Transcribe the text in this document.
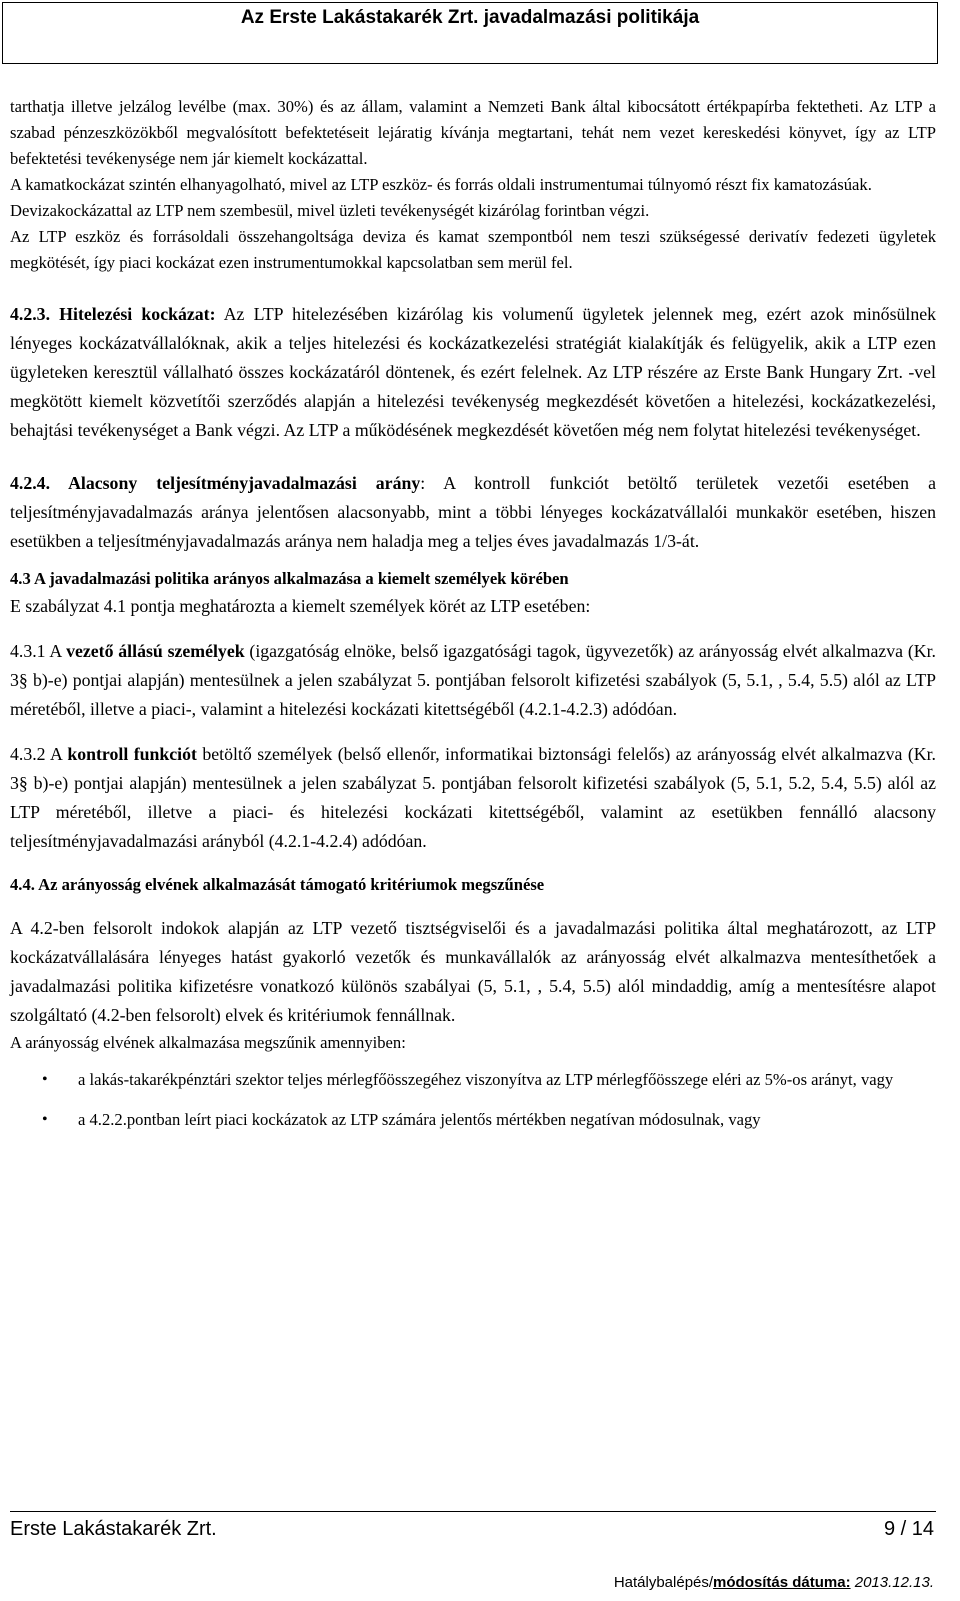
Az Erste Lakástakarék Zrt. javadalmazási politikája

tarthatja illetve jelzálog levélbe (max. 30%) és az állam, valamint a Nemzeti Bank által kibocsátott értékpapírba fektetheti. Az LTP a szabad pénzeszközökből megvalósított befektetéseit lejáratig kívánja megtartani, tehát nem vezet kereskedési könyvet, így az LTP befektetési tevékenysége nem jár kiemelt kockázattal.

A kamatkockázat szintén elhanyagolható, mivel az LTP eszköz- és forrás oldali instrumentumai túlnyomó részt fix kamatozásúak.

Devizakockázattal az LTP nem szembesül, mivel üzleti tevékenységét kizárólag forintban végzi.

Az LTP eszköz és forrásoldali összehangoltsága deviza és kamat szempontból nem teszi szükségessé derivatív fedezeti ügyletek megkötését, így piaci kockázat ezen instrumentumokkal kapcsolatban sem merül fel.

4.2.3. Hitelezési kockázat: Az LTP hitelezésében kizárólag kis volumenű ügyletek jelennek meg, ezért azok minősülnek lényeges kockázatvállalóknak, akik a teljes hitelezési és kockázatkezelési stratégiát kialakítják és felügyelik, akik a LTP ezen ügyleteken keresztül vállalható összes kockázatáról döntenek, és ezért felelnek. Az LTP részére az Erste Bank Hungary Zrt. -vel megkötött kiemelt közvetítői szerződés alapján a hitelezési tevékenység megkezdését követően a hitelezési, kockázatkezelési, behajtási tevékenységet a Bank végzi. Az LTP a működésének megkezdését követően még nem folytat hitelezési tevékenységet.

4.2.4. Alacsony teljesítményjavadalmazási arány: A kontroll funkciót betöltő területek vezetői esetében a teljesítményjavadalmazás aránya jelentősen alacsonyabb, mint a többi lényeges kockázatvállalói munkakör esetében, hiszen esetükben a teljesítményjavadalmazás aránya nem haladja meg a teljes éves javadalmazás 1/3-át.

4.3 A javadalmazási politika arányos alkalmazása a kiemelt személyek körében

E szabályzat 4.1 pontja meghatározta a kiemelt személyek körét az LTP esetében:

4.3.1 A vezető állású személyek (igazgatóság elnöke, belső igazgatósági tagok, ügyvezetők) az arányosság elvét alkalmazva (Kr. 3§ b)-e) pontjai alapján) mentesülnek a jelen szabályzat 5. pontjában felsorolt kifizetési szabályok (5, 5.1, , 5.4, 5.5) alól az LTP méretéből, illetve a piaci-, valamint a hitelezési kockázati kitettségéből (4.2.1-4.2.3) adódóan.

4.3.2 A kontroll funkciót betöltő személyek (belső ellenőr, informatikai biztonsági felelős) az arányosság elvét alkalmazva (Kr. 3§ b)-e) pontjai alapján) mentesülnek a jelen szabályzat 5. pontjában felsorolt kifizetési szabályok (5, 5.1, 5.2, 5.4, 5.5) alól az LTP méretéből, illetve a piaci- és hitelezési kockázati kitettségéből, valamint az esetükben fennálló alacsony teljesítményjavadalmazási arányból (4.2.1-4.2.4) adódóan.

4.4. Az arányosság elvének alkalmazását támogató kritériumok megszűnése

A 4.2-ben felsorolt indokok alapján az LTP vezető tisztségviselői és a javadalmazási politika által meghatározott, az LTP kockázatvállalására lényeges hatást gyakorló vezetők és munkavállalók az arányosság elvét alkalmazva mentesíthetőek a javadalmazási politika kifizetésre vonatkozó különös szabályai (5, 5.1, , 5.4, 5.5) alól mindaddig, amíg a mentesítésre alapot szolgáltató (4.2-ben felsorolt) elvek és kritériumok fennállnak.

A arányosság elvének alkalmazása megszűnik amennyiben:

• a lakás-takarékpénztári szektor teljes mérlegfőösszegéhez viszonyítva az LTP mérlegfőösszege eléri az 5%-os arányt, vagy
• a 4.2.2.pontban leírt piaci kockázatok az LTP számára jelentős mértékben negatívan módosulnak, vagy
Erste Lakástakarék Zrt.	9 / 14
Hatálybalépés/módosítás dátuma: 2013.12.13.
